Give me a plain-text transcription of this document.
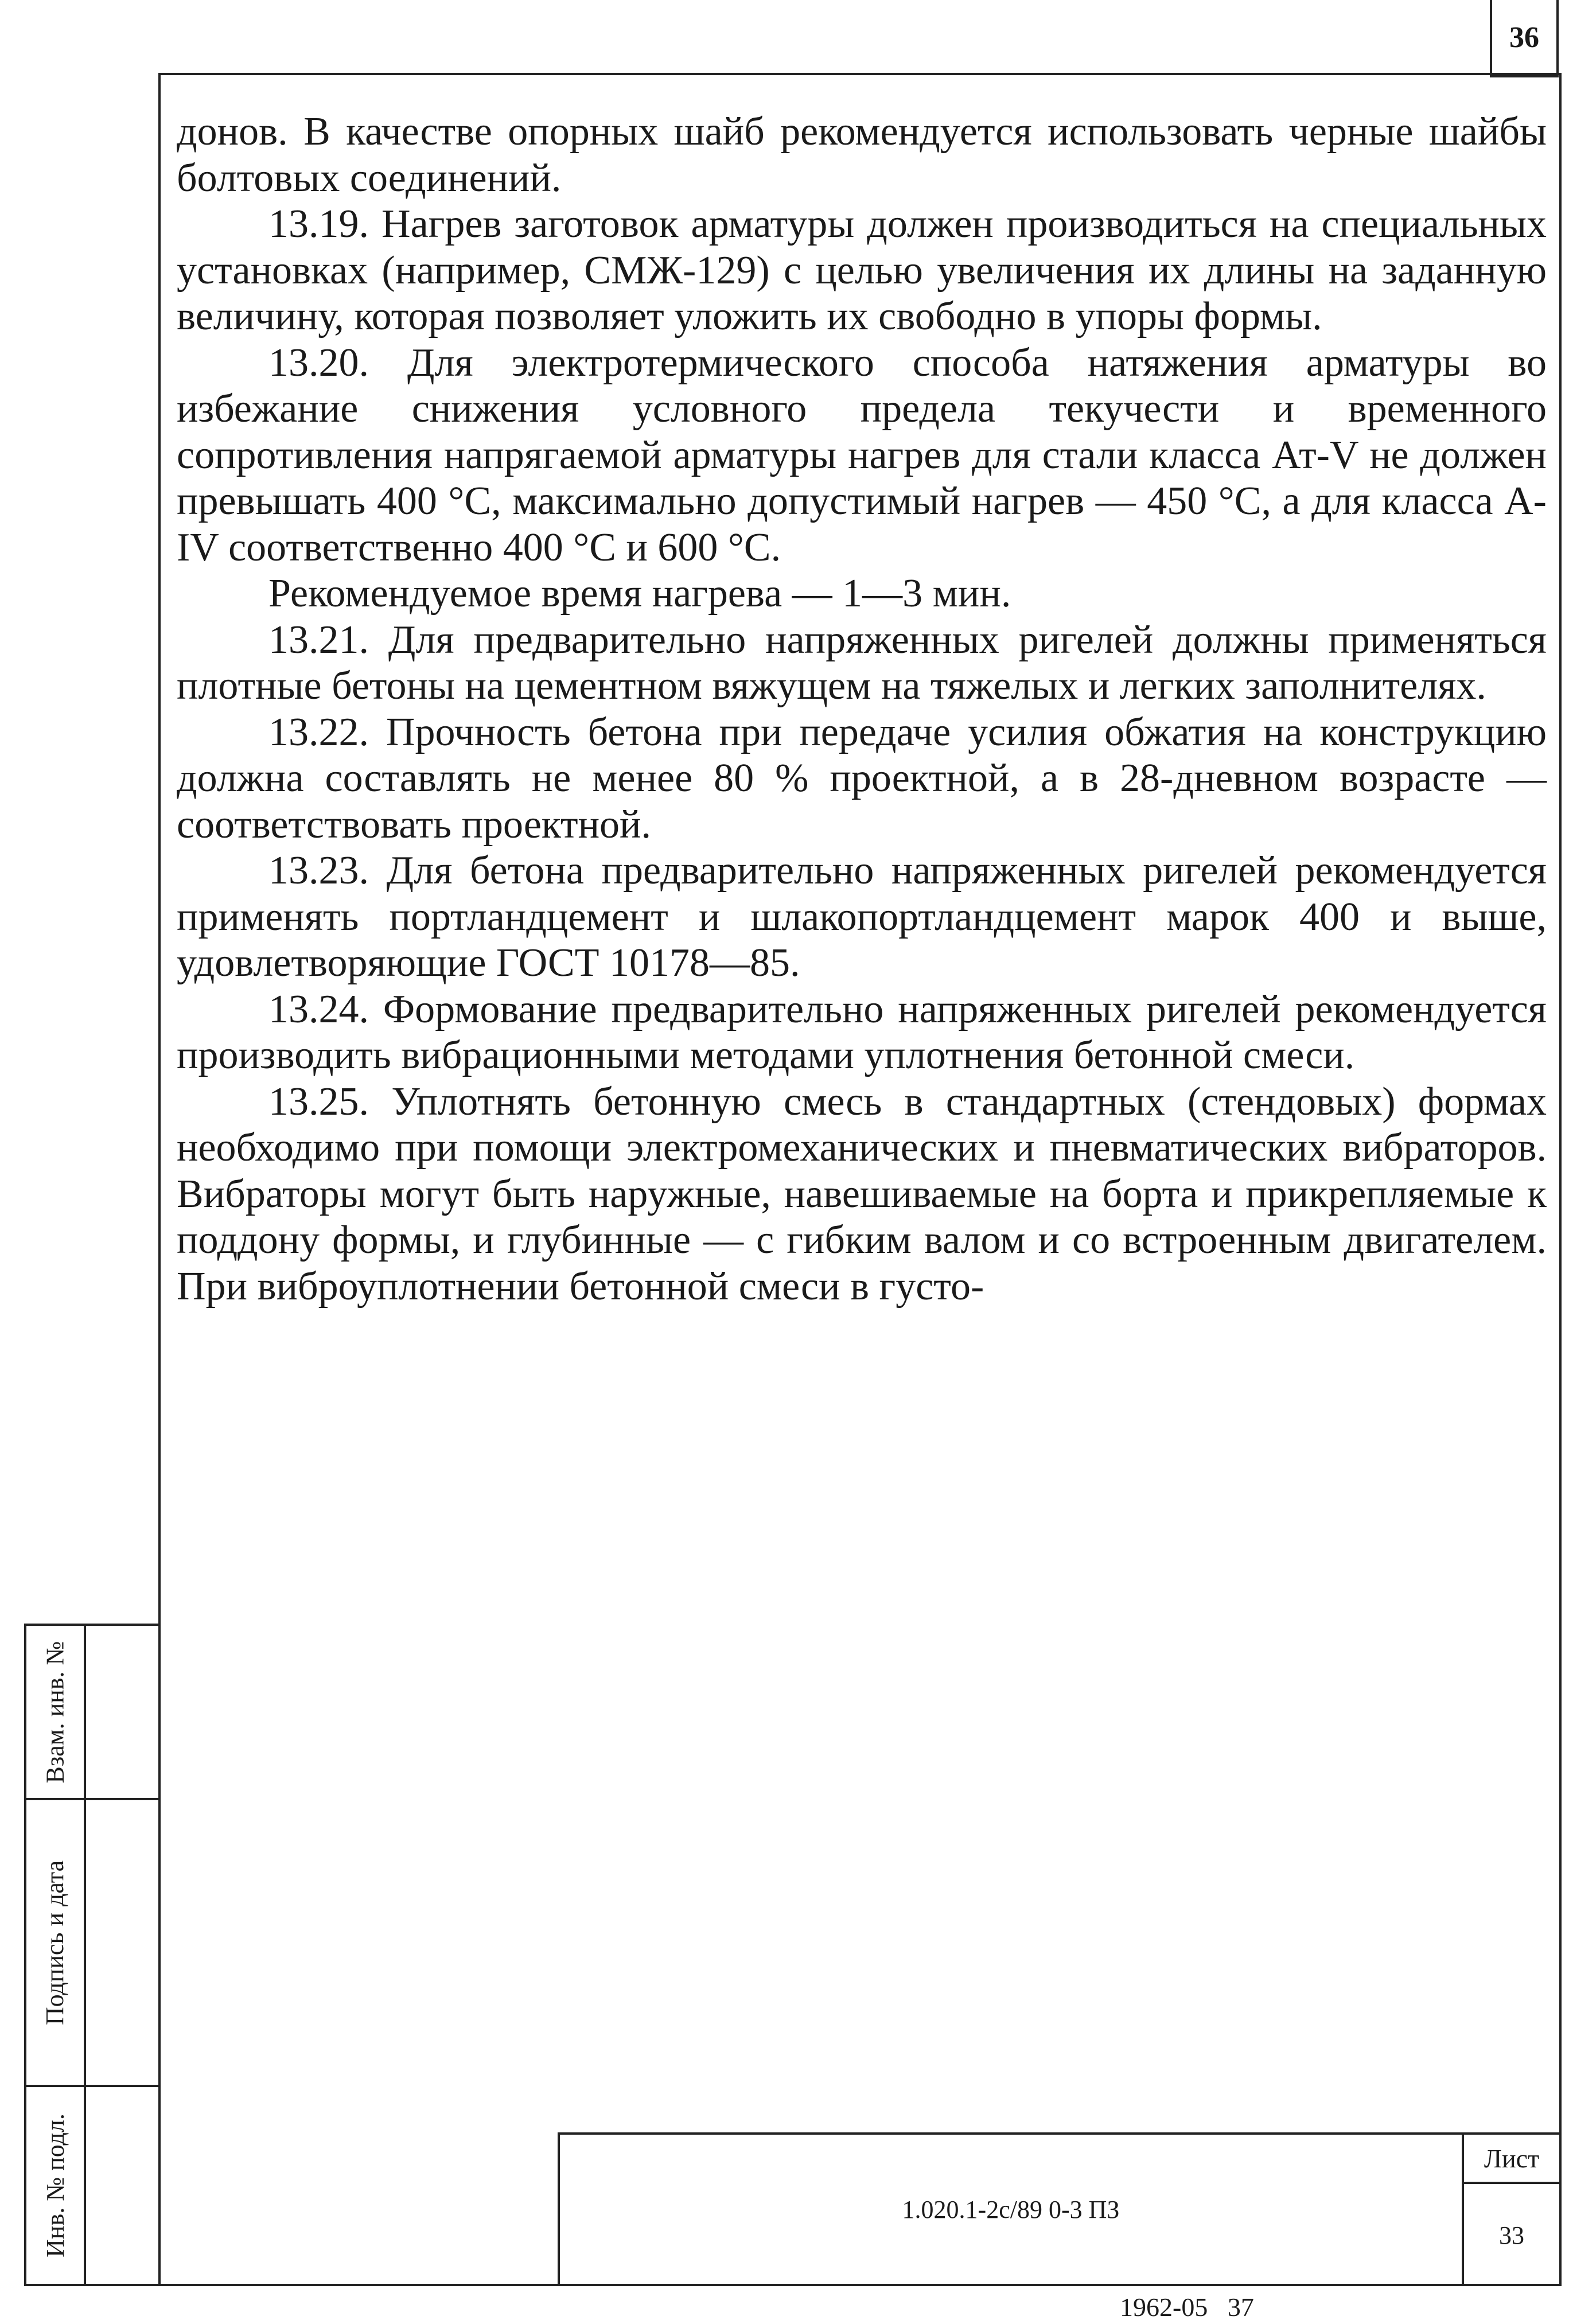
36

донов. В качестве опорных шайб рекомендуется использовать черные шайбы болтовых соединений.

13.19. Нагрев заготовок арматуры должен производиться на специальных установках (например, СМЖ-129) с целью увеличения их длины на заданную величину, которая позволяет уложить их свободно в упоры формы.

13.20. Для электротермического способа натяжения арматуры во избежание снижения условного предела текучести и временного сопротивления напрягаемой арматуры нагрев для стали класса Ат-V не должен превышать 400 °С, максимально допустимый нагрев — 450 °С, а для класса A-IV соответственно 400 °С и 600 °С.

Рекомендуемое время нагрева — 1—3 мин.

13.21. Для предварительно напряженных ригелей должны применяться плотные бетоны на цементном вяжущем на тяжелых и легких заполнителях.

13.22. Прочность бетона при передаче усилия обжатия на конструкцию должна составлять не менее 80 % проектной, а в 28-дневном возрасте — соответствовать проектной.

13.23. Для бетона предварительно напряженных ригелей рекомендуется применять портландцемент и шлакопортландцемент марок 400 и выше, удовлетворяющие ГОСТ 10178—85.

13.24. Формование предварительно напряженных ригелей рекомендуется производить вибрационными методами уплотнения бетонной смеси.

13.25. Уплотнять бетонную смесь в стандартных (стендовых) формах необходимо при помощи электромеханических и пневматических вибраторов. Вибраторы могут быть наружные, навешиваемые на борта и прикрепляемые к поддону формы, и глубинные — с гибким валом и со встроенным двигателем. При виброуплотнении бетонной смеси в густо-

Взам. инв. №
Подпись и дата
Инв. № подл.	1.020.1-2с/89 0-3 ПЗ
Лист
33
1962-05   37
